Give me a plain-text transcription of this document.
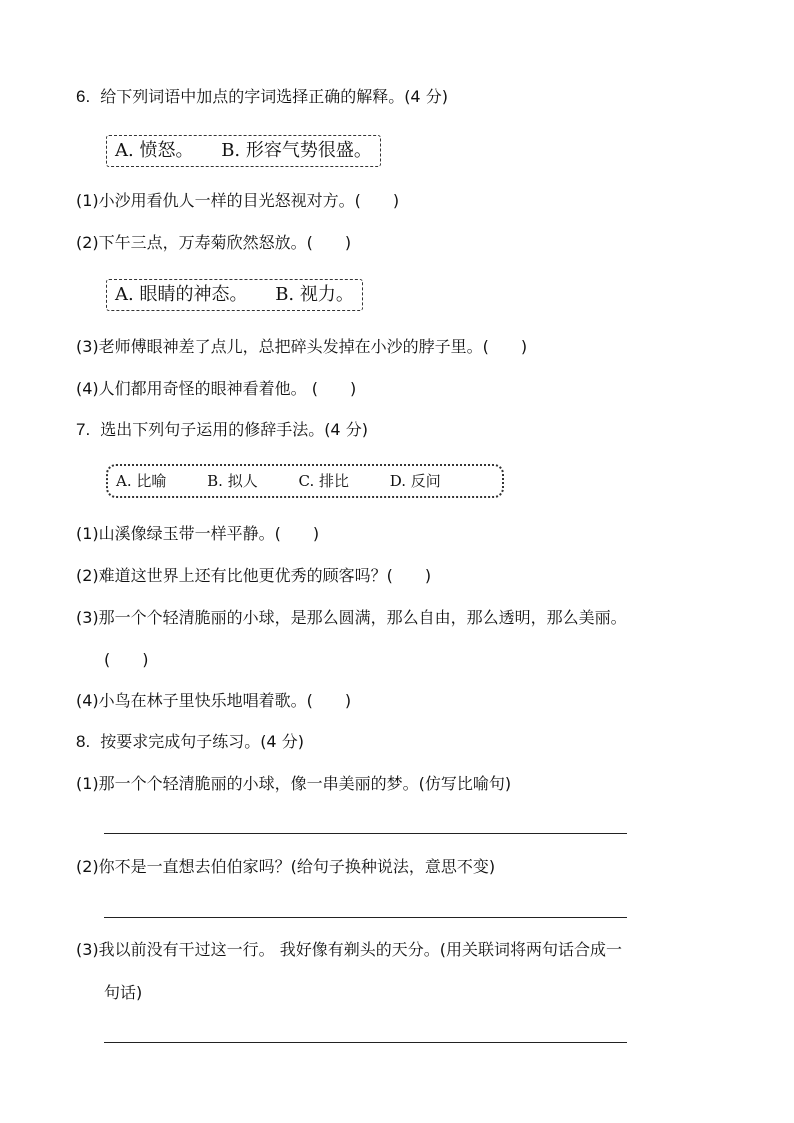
6. 给下列词语中加点的字词选择正确的解释。(4 分)
A. 愤怒。 B. 形容气势很盛。
(1)小沙用看仇人一样的目光怒视对方。(　　)
(2)下午三点，万寿菊欣然怒放。(　　)
A. 眼睛的神态。 B. 视力。
(3)老师傅眼神差了点儿，总把碎头发掉在小沙的脖子里。(　　)
(4)人们都用奇怪的眼神看着他。 (　　)
7. 选出下列句子运用的修辞手法。(4 分)
A. 比喻	B. 拟人	C. 排比	D. 反问
(1)山溪像绿玉带一样平静。(　　)
(2)难道这世界上还有比他更优秀的顾客吗？(　　)
(3)那一个个轻清脆丽的小球，是那么圆满，那么自由，那么透明，那么美丽。
(　　)
(4)小鸟在林子里快乐地唱着歌。(　　)
8. 按要求完成句子练习。(4 分)
(1)那一个个轻清脆丽的小球，像一串美丽的梦。(仿写比喻句)
(2)你不是一直想去伯伯家吗？(给句子换种说法，意思不变)
(3)我以前没有干过这一行。 我好像有剃头的天分。(用关联词将两句话合成一
句话)
